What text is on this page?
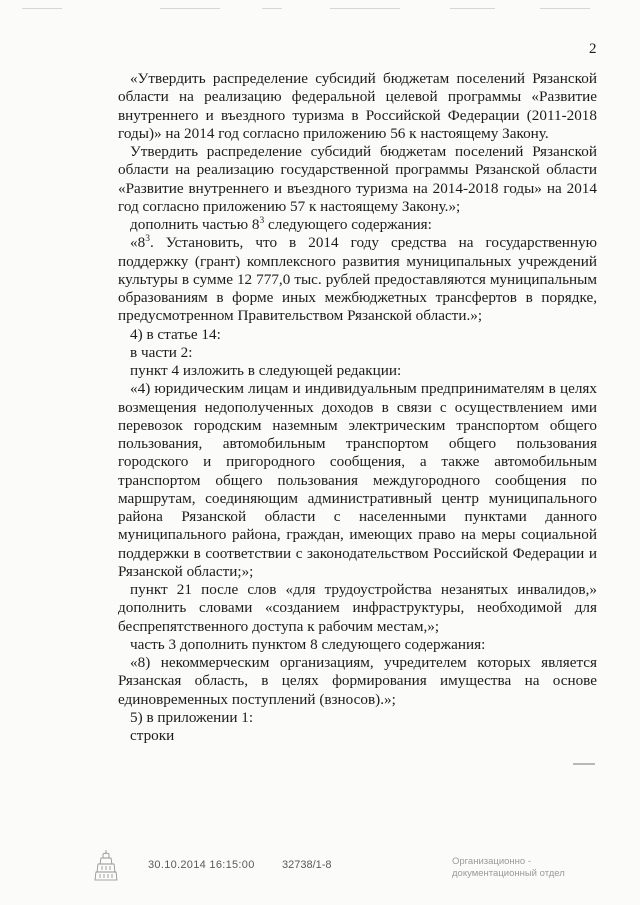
2

«Утвердить распределение субсидий бюджетам поселений Рязанской области на реализацию федеральной целевой программы «Развитие внутреннего и въездного туризма в Российской Федерации (2011-2018 годы)» на 2014 год согласно приложению 56 к настоящему Закону.

Утвердить распределение субсидий бюджетам поселений Рязанской области на реализацию государственной программы Рязанской области «Развитие внутреннего и въездного туризма на 2014-2018 годы» на 2014 год согласно приложению 57 к настоящему Закону.»;

дополнить частью $8^3$ следующего содержания:

«$8^3$. Установить, что в 2014 году средства на государственную поддержку (грант) комплексного развития муниципальных учреждений культуры в сумме 12 777,0 тыс. рублей предоставляются муниципальным образованиям в форме иных межбюджетных трансфертов в порядке, предусмотренном Правительством Рязанской области.»;

4) в статье 14:

в части 2:

пункт 4 изложить в следующей редакции:

«4) юридическим лицам и индивидуальным предпринимателям в целях возмещения недополученных доходов в связи с осуществлением ими перевозок городским наземным электрическим транспортом общего пользования, автомобильным транспортом общего пользования городского и пригородного сообщения, а также автомобильным транспортом общего пользования междугородного сообщения по маршрутам, соединяющим административный центр муниципального района Рязанской области с населенными пунктами данного муниципального района, граждан, имеющих право на меры социальной поддержки в соответствии с законодательством Российской Федерации и Рязанской области;»;

пункт 21 после слов «для трудоустройства незанятых инвалидов,» дополнить словами «созданием инфраструктуры, необходимой для беспрепятственного доступа к рабочим местам,»;

часть 3 дополнить пунктом 8 следующего содержания:

«8) некоммерческим организациям, учредителем которых является Рязанская область, в целях формирования имущества на основе единовременных поступлений (взносов).»;

5) в приложении 1:

строки

30.10.2014 16:15:00 32738/1-8	Организационно -
документационный отдел
